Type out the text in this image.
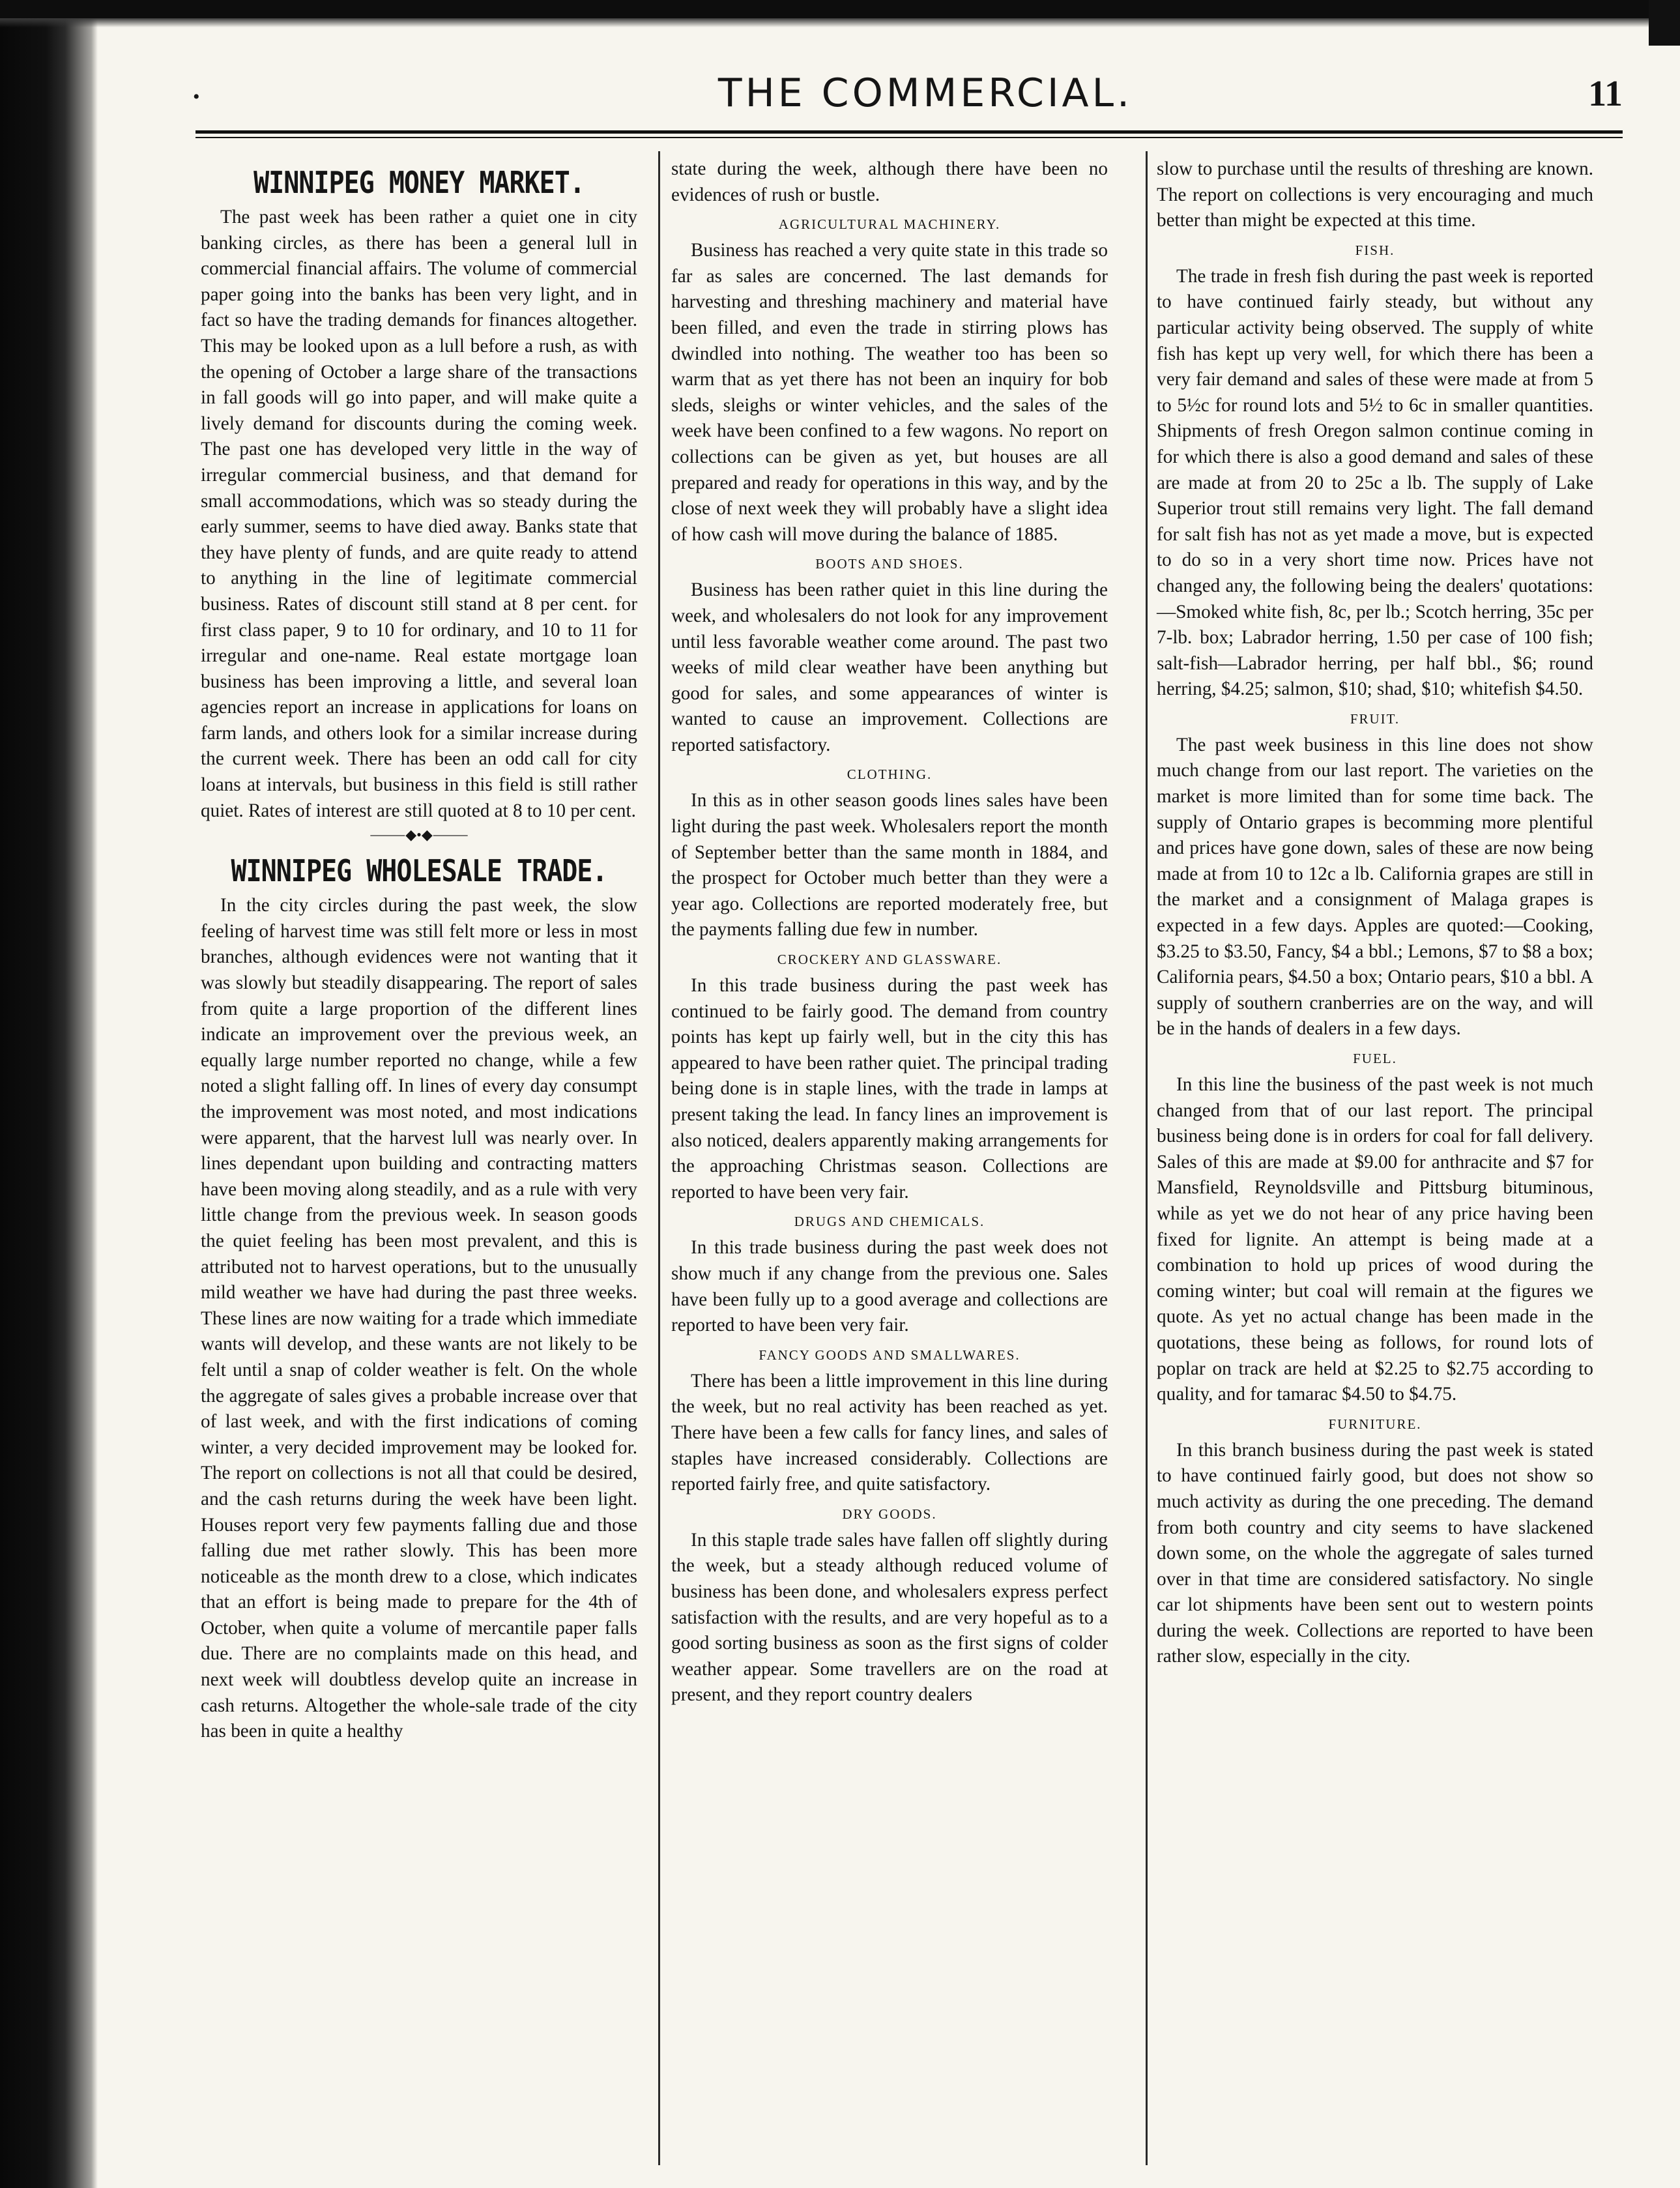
•	THE COMMERCIAL.	11
WINNIPEG MONEY MARKET.

The past week has been rather a quiet one in city banking circles, as there has been a general lull in commercial financial affairs. The volume of commercial paper going into the banks has been very light, and in fact so have the trading demands for finances altogether. This may be looked upon as a lull before a rush, as with the opening of October a large share of the transactions in fall goods will go into paper, and will make quite a lively demand for discounts during the coming week. The past one has developed very little in the way of irregular commercial business, and that demand for small accommodations, which was so steady during the early summer, seems to have died away. Banks state that they have plenty of funds, and are quite ready to attend to anything in the line of legitimate commercial business. Rates of discount still stand at 8 per cent. for first class paper, 9 to 10 for ordinary, and 10 to 11 for irregular and one-name. Real estate mortgage loan business has been improving a little, and several loan agencies report an increase in applications for loans on farm lands, and others look for a similar increase during the current week. There has been an odd call for city loans at intervals, but business in this field is still rather quiet. Rates of interest are still quoted at 8 to 10 per cent.

⸻◆•◆⸻
WINNIPEG WHOLESALE TRADE.

In the city circles during the past week, the slow feeling of harvest time was still felt more or less in most branches, although evidences were not wanting that it was slowly but steadily disappearing. The report of sales from quite a large proportion of the different lines indicate an improvement over the previous week, an equally large number reported no change, while a few noted a slight falling off. In lines of every day consumpt the improvement was most noted, and most indications were apparent, that the harvest lull was nearly over. In lines dependant upon building and contracting matters have been moving along steadily, and as a rule with very little change from the previous week. In season goods the quiet feeling has been most prevalent, and this is attributed not to harvest operations, but to the unusually mild weather we have had during the past three weeks. These lines are now waiting for a trade which immediate wants will develop, and these wants are not likely to be felt until a snap of colder weather is felt. On the whole the aggregate of sales gives a probable increase over that of last week, and with the first indications of coming winter, a very decided improvement may be looked for. The report on collections is not all that could be desired, and the cash returns during the week have been light. Houses report very few payments falling due and those falling due met rather slowly. This has been more noticeable as the month drew to a close, which indicates that an effort is being made to prepare for the 4th of October, when quite a volume of mercantile paper falls due. There are no complaints made on this head, and next week will doubtless develop quite an increase in cash returns. Altogether the whole-sale trade of the city has been in quite a healthy

state during the week, although there have been no evidences of rush or bustle.

AGRICULTURAL MACHINERY.

Business has reached a very quite state in this trade so far as sales are concerned. The last demands for harvesting and threshing machinery and material have been filled, and even the trade in stirring plows has dwindled into nothing. The weather too has been so warm that as yet there has not been an inquiry for bob sleds, sleighs or winter vehicles, and the sales of the week have been confined to a few wagons. No report on collections can be given as yet, but houses are all prepared and ready for operations in this way, and by the close of next week they will probably have a slight idea of how cash will move during the balance of 1885.

BOOTS AND SHOES.

Business has been rather quiet in this line during the week, and wholesalers do not look for any improvement until less favorable weather come around. The past two weeks of mild clear weather have been anything but good for sales, and some appearances of winter is wanted to cause an improvement. Collections are reported satisfactory.

CLOTHING.

In this as in other season goods lines sales have been light during the past week. Wholesalers report the month of September better than the same month in 1884, and the prospect for October much better than they were a year ago. Collections are reported moderately free, but the payments falling due few in number.

CROCKERY AND GLASSWARE.

In this trade business during the past week has continued to be fairly good. The demand from country points has kept up fairly well, but in the city this has appeared to have been rather quiet. The principal trading being done is in staple lines, with the trade in lamps at present taking the lead. In fancy lines an improvement is also noticed, dealers apparently making arrangements for the approaching Christmas season. Collections are reported to have been very fair.

DRUGS AND CHEMICALS.

In this trade business during the past week does not show much if any change from the previous one. Sales have been fully up to a good average and collections are reported to have been very fair.

FANCY GOODS AND SMALLWARES.

There has been a little improvement in this line during the week, but no real activity has been reached as yet. There have been a few calls for fancy lines, and sales of staples have increased considerably. Collections are reported fairly free, and quite satisfactory.

DRY GOODS.

In this staple trade sales have fallen off slightly during the week, but a steady although reduced volume of business has been done, and wholesalers express perfect satisfaction with the results, and are very hopeful as to a good sorting business as soon as the first signs of colder weather appear. Some travellers are on the road at present, and they report country dealers

slow to purchase until the results of threshing are known. The report on collections is very encouraging and much better than might be expected at this time.

FISH.

The trade in fresh fish during the past week is reported to have continued fairly steady, but without any particular activity being observed. The supply of white fish has kept up very well, for which there has been a very fair demand and sales of these were made at from 5 to 5½c for round lots and 5½ to 6c in smaller quantities. Shipments of fresh Oregon salmon continue coming in for which there is also a good demand and sales of these are made at from 20 to 25c a lb. The supply of Lake Superior trout still remains very light. The fall demand for salt fish has not as yet made a move, but is expected to do so in a very short time now. Prices have not changed any, the following being the dealers' quotations:—Smoked white fish, 8c, per lb.; Scotch herring, 35c per 7-lb. box; Labrador herring, 1.50 per case of 100 fish; salt-fish—Labrador herring, per half bbl., $6; round herring, $4.25; salmon, $10; shad, $10; whitefish $4.50.

FRUIT.

The past week business in this line does not show much change from our last report. The varieties on the market is more limited than for some time back. The supply of Ontario grapes is becomming more plentiful and prices have gone down, sales of these are now being made at from 10 to 12c a lb. California grapes are still in the market and a consignment of Malaga grapes is expected in a few days. Apples are quoted:—Cooking, $3.25 to $3.50, Fancy, $4 a bbl.; Lemons, $7 to $8 a box; California pears, $4.50 a box; Ontario pears, $10 a bbl. A supply of southern cranberries are on the way, and will be in the hands of dealers in a few days.

FUEL.

In this line the business of the past week is not much changed from that of our last report. The principal business being done is in orders for coal for fall delivery. Sales of this are made at $9.00 for anthracite and $7 for Mansfield, Reynoldsville and Pittsburg bituminous, while as yet we do not hear of any price having been fixed for lignite. An attempt is being made at a combination to hold up prices of wood during the coming winter; but coal will remain at the figures we quote. As yet no actual change has been made in the quotations, these being as follows, for round lots of poplar on track are held at $2.25 to $2.75 according to quality, and for tamarac $4.50 to $4.75.

FURNITURE.

In this branch business during the past week is stated to have continued fairly good, but does not show so much activity as during the one preceding. The demand from both country and city seems to have slackened down some, on the whole the aggregate of sales turned over in that time are considered satisfactory. No single car lot shipments have been sent out to western points during the week. Collections are reported to have been rather slow, especially in the city.
